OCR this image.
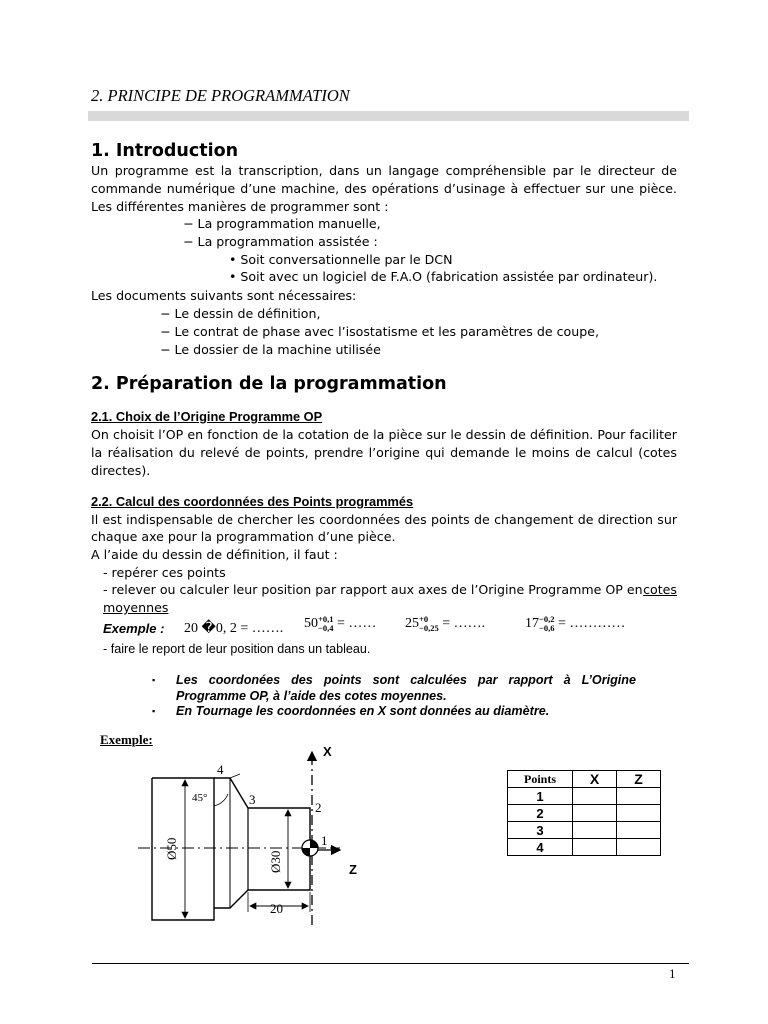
2. PRINCIPE DE PROGRAMMATION
1. Introduction
Un programme est la transcription, dans un langage compréhensible par le directeur de
commande numérique d’une machine, des opérations d’usinage à effectuer sur une pièce.
Les différentes manières de programmer sont :
− La programmation manuelle,
− La programmation assistée :
• Soit conversationnelle par le DCN
• Soit avec un logiciel de F.A.O (fabrication assistée par ordinateur).
Les documents suivants sont nécessaires:
− Le dessin de définition,
− Le contrat de phase avec l’isostatisme et les paramètres de coupe,
− Le dossier de la machine utilisée
2. Préparation de la programmation
2.1. Choix de l’Origine Programme OP
On choisit l’OP en fonction de la cotation de la pièce sur le dessin de définition. Pour faciliter
la réalisation du relevé de points, prendre l’origine qui demande le moins de calcul (cotes
directes).
2.2. Calcul des coordonnées des Points programmés
Il est indispensable de chercher les coordonnées des points de changement de direction sur
chaque axe pour la programmation d’une pièce.
A l’aide du dessin de définition, il faut :
- repérer ces points
- relever ou calculer leur position par rapport aux axes de l’Origine Programme OP en cotes
moyennes
Exemple : 20 �0, 2 = ……. 50+0,1
−0,4 = …… 25+0
−0,25 = …….	17−0,2
−0,6 = …………
- faire le report de leur position dans un tableau.
▪ Les coordonées des points sont calculées par rapport à L’Origine
Programme OP, à l’aide des cotes moyennes.
▪ En Tournage les coordonnées en X sont données au diamètre.
Exemple:
X
Z
4
3
2
1
45°
Ø50
Ø30
20
Points	X	Z
1		
2		
3		
4		
1
